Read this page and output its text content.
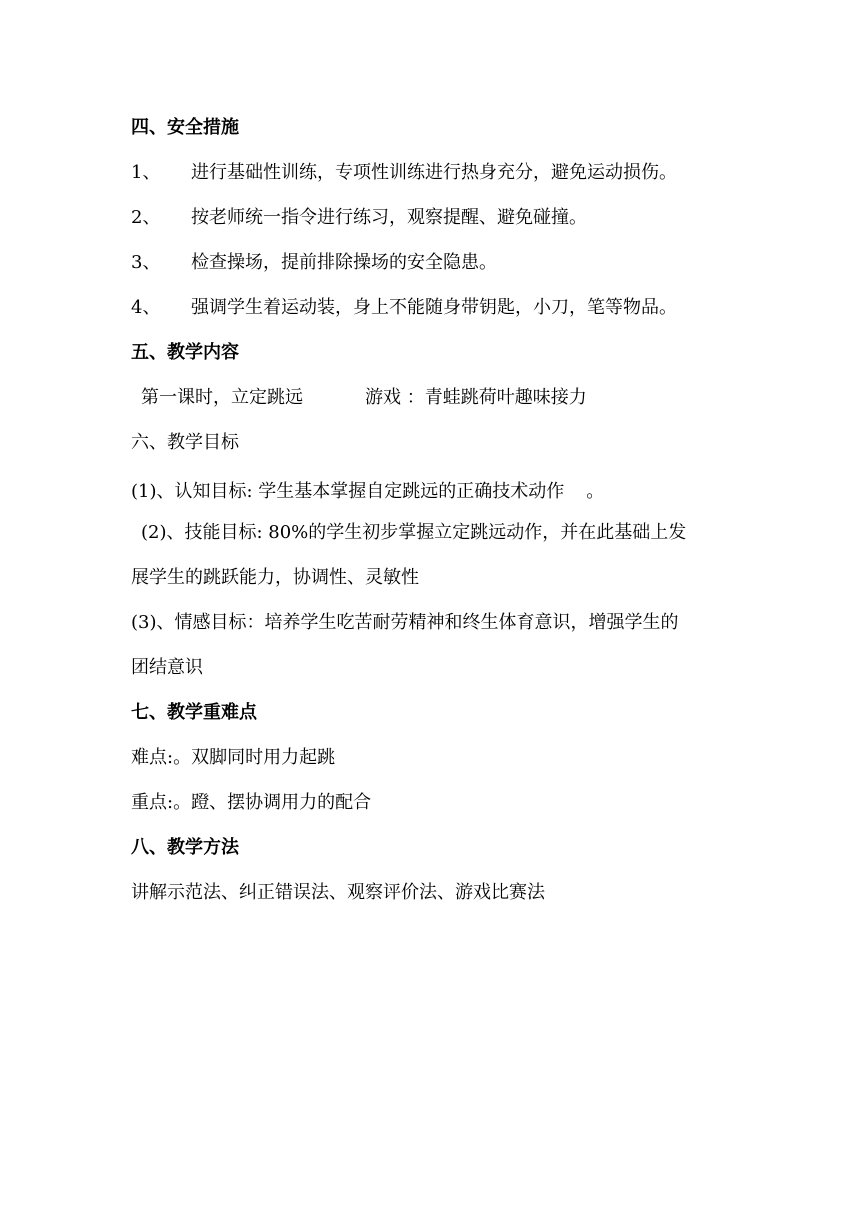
四、安全措施
1、 进行基础性训练，专项性训练进行热身充分，避免运动损伤。
2、 按老师统一指令进行练习，观察提醒、避免碰撞。
3、 检查操场，提前排除操场的安全隐患。
4、 强调学生着运动装，身上不能随身带钥匙，小刀，笔等物品。
五、教学内容
第一课时，立定跳远	游戏 ：青蛙跳荷叶趣味接力
六、教学目标
(1)、认知目标: 学生基本掌握自定跳远的正确技术动作 。
(2)、技能目标: 80%的学生初步掌握立定跳远动作，并在此基础上发
展学生的跳跃能力，协调性、灵敏性
(3)、情感目标：培养学生吃苦耐劳精神和终生体育意识，增强学生的
团结意识
七、教学重难点
难点:。双脚同时用力起跳
重点:。蹬、摆协调用力的配合
八、教学方法
讲解示范法、纠正错误法、观察评价法、游戏比赛法
